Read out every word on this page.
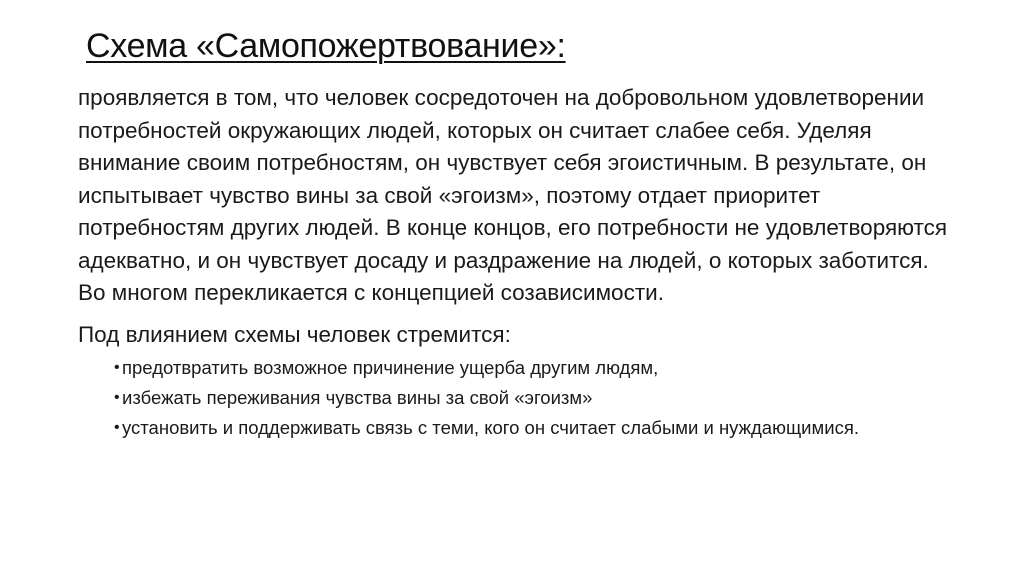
Схема «Самопожертвование»:

проявляется в том, что человек сосредоточен на добровольном удовлетворении потребностей окружающих людей, которых он считает слабее себя. Уделяя внимание своим потребностям, он чувствует себя эгоистичным. В результате, он испытывает чувство вины за свой «эгоизм», поэтому отдает приоритет потребностям других людей. В конце концов, его потребности не удовлетворяются адекватно, и он чувствует досаду и раздражение на людей, о которых заботится. Во многом перекликается с концепцией созависимости.

Под влиянием схемы человек стремится:

• предотвратить возможное причинение ущерба другим людям,
• избежать переживания чувства вины за свой «эгоизм»
• установить и поддерживать связь с теми, кого он считает слабыми и нуждающимися.
